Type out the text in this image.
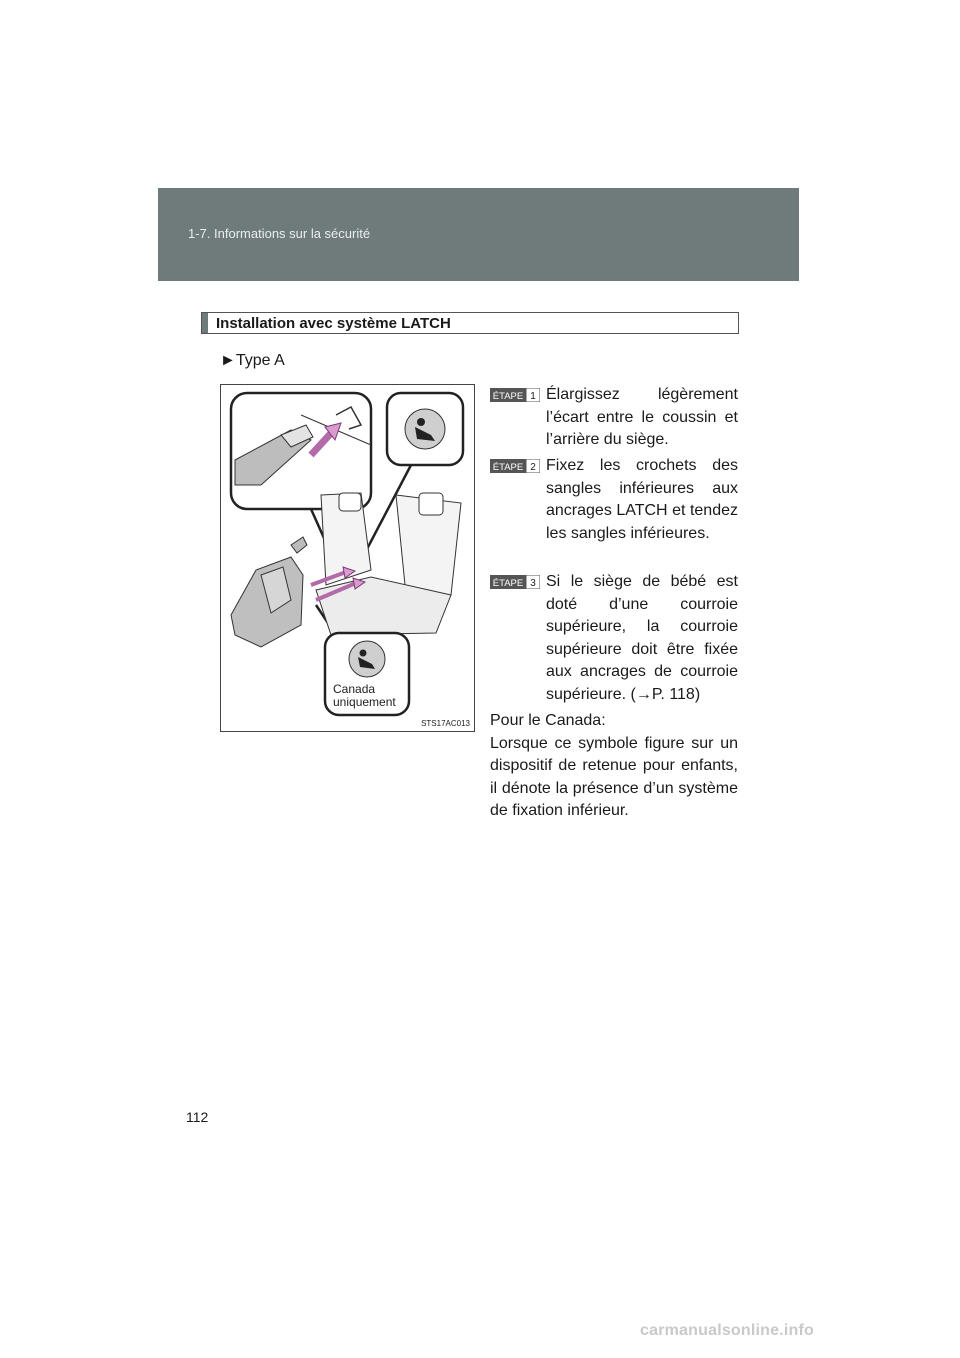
1-7. Informations sur la sécurité
Installation avec système LATCH
►Type A
Canada
uniquement
STS17AC013
ÉTAPE 1 Élargissez légèrement l’écart entre le coussin et l’arrière du siège.
ÉTAPE 2 Fixez les crochets des sangles inférieures aux ancrages LATCH et tendez les sangles inférieures.
ÉTAPE 3 Si le siège de bébé est doté d’une courroie supérieure, la courroie supérieure doit être fixée aux ancrages de courroie supérieure. (→P. 118)
Pour le Canada:
Lorsque ce symbole figure sur un dispositif de retenue pour enfants, il dénote la présence d’un système de fixation inférieur.
112
carmanualsonline.info
